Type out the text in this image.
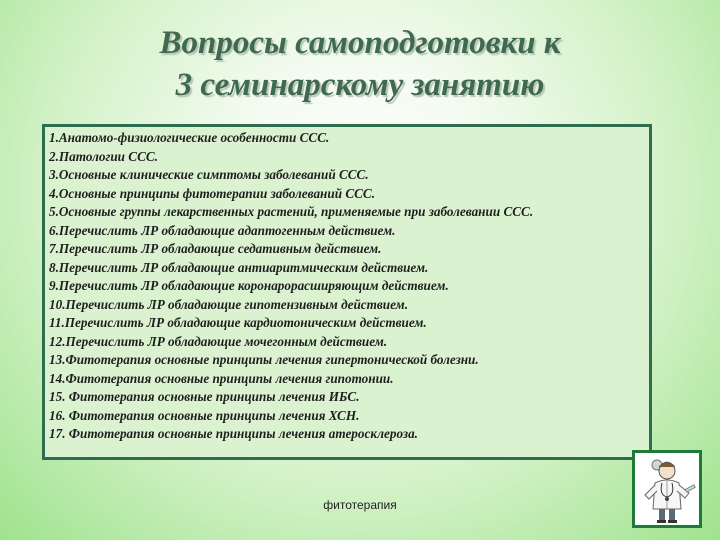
Вопросы самоподготовки к
3 семинарскому занятию
1.Анатомо-физиологические особенности ССС.
2.Патологии ССС.
3.Основные клинические симптомы заболеваний ССС.
4.Основные принципы фитотерапии заболеваний ССС.
5.Основные группы лекарственных растений, применяемые при заболевании ССС.
6.Перечислить ЛР обладающие адаптогенным действием.
7.Перечислить ЛР обладающие седативным действием.
8.Перечислить ЛР обладающие антиаритмическим действием.
9.Перечислить ЛР обладающие коронарорасширяющим действием.
10.Перечислить ЛР обладающие гипотензивным действием.
11.Перечислить ЛР обладающие кардиотоническим действием.
12.Перечислить ЛР обладающие мочегонным действием.
13.Фитотерапия основные принципы лечения гипертонической болезни.
14.Фитотерапия основные принципы лечения гипотонии.
15. Фитотерапия основные принципы лечения ИБС.
16. Фитотерапия основные принципы лечения ХСН.
17. Фитотерапия основные принципы лечения атеросклероза.
фитотерапия
